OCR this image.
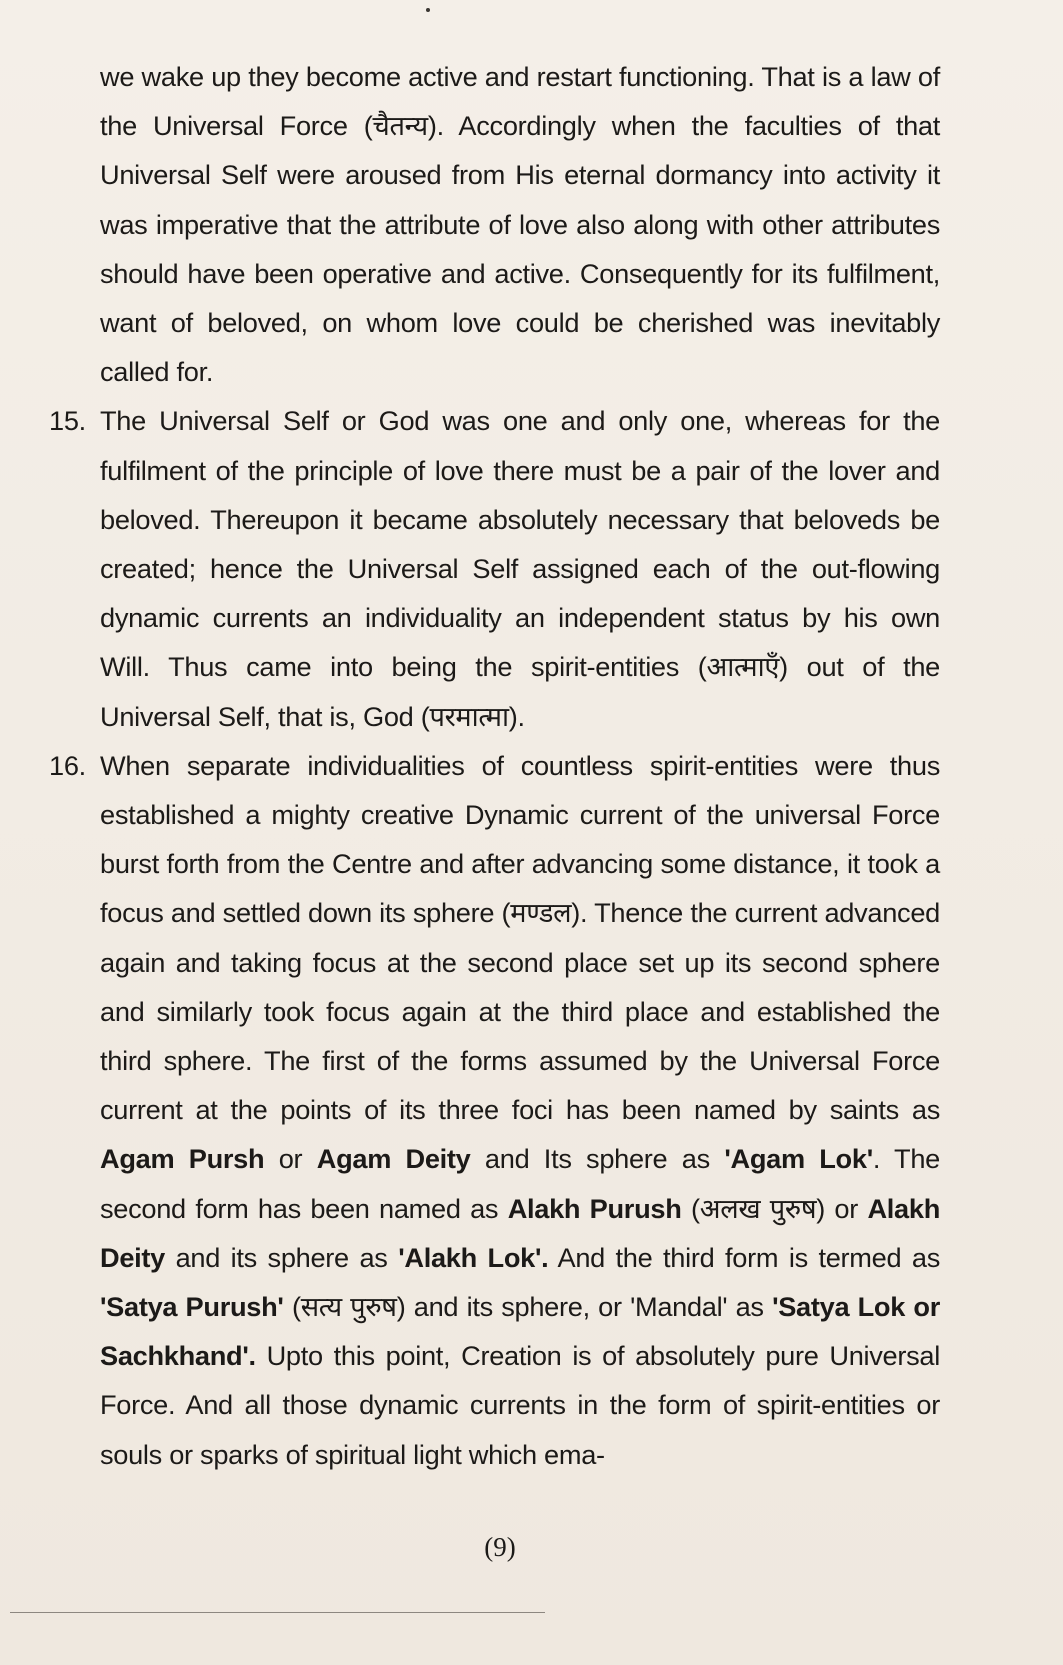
we wake up they become active and restart functioning. That is a law of the Universal Force (चैतन्य). Accordingly when the faculties of that Universal Self were aroused from His eternal dormancy into activity it was imperative that the attribute of love also along with other attributes should have been operative and active. Consequently for its fulfilment, want of beloved, on whom love could be cherished was inevitably called for.

15. The Universal Self or God was one and only one, whereas for the fulfilment of the principle of love there must be a pair of the lover and beloved. Thereupon it became absolutely necessary that beloveds be created; hence the Universal Self assigned each of the out-flowing dynamic currents an individuality an independent status by his own Will. Thus came into being the spirit-entities (आत्माएँ) out of the Universal Self, that is, God (परमात्मा).

16. When separate individualities of countless spirit-entities were thus established a mighty creative Dynamic current of the universal Force burst forth from the Centre and after advancing some distance, it took a focus and settled down its sphere (मण्डल). Thence the current advanced again and taking focus at the second place set up its second sphere and similarly took focus again at the third place and established the third sphere. The first of the forms assumed by the Universal Force current at the points of its three foci has been named by saints as Agam Pursh or Agam Deity and Its sphere as 'Agam Lok'. The second form has been named as Alakh Purush (अलख पुरुष) or Alakh Deity and its sphere as 'Alakh Lok'. And the third form is termed as 'Satya Purush' (सत्य पुरुष) and its sphere, or 'Mandal' as 'Satya Lok or Sachkhand'. Upto this point, Creation is of absolutely pure Universal Force. And all those dynamic currents in the form of spirit-entities or souls or sparks of spiritual light which ema-

(9)
